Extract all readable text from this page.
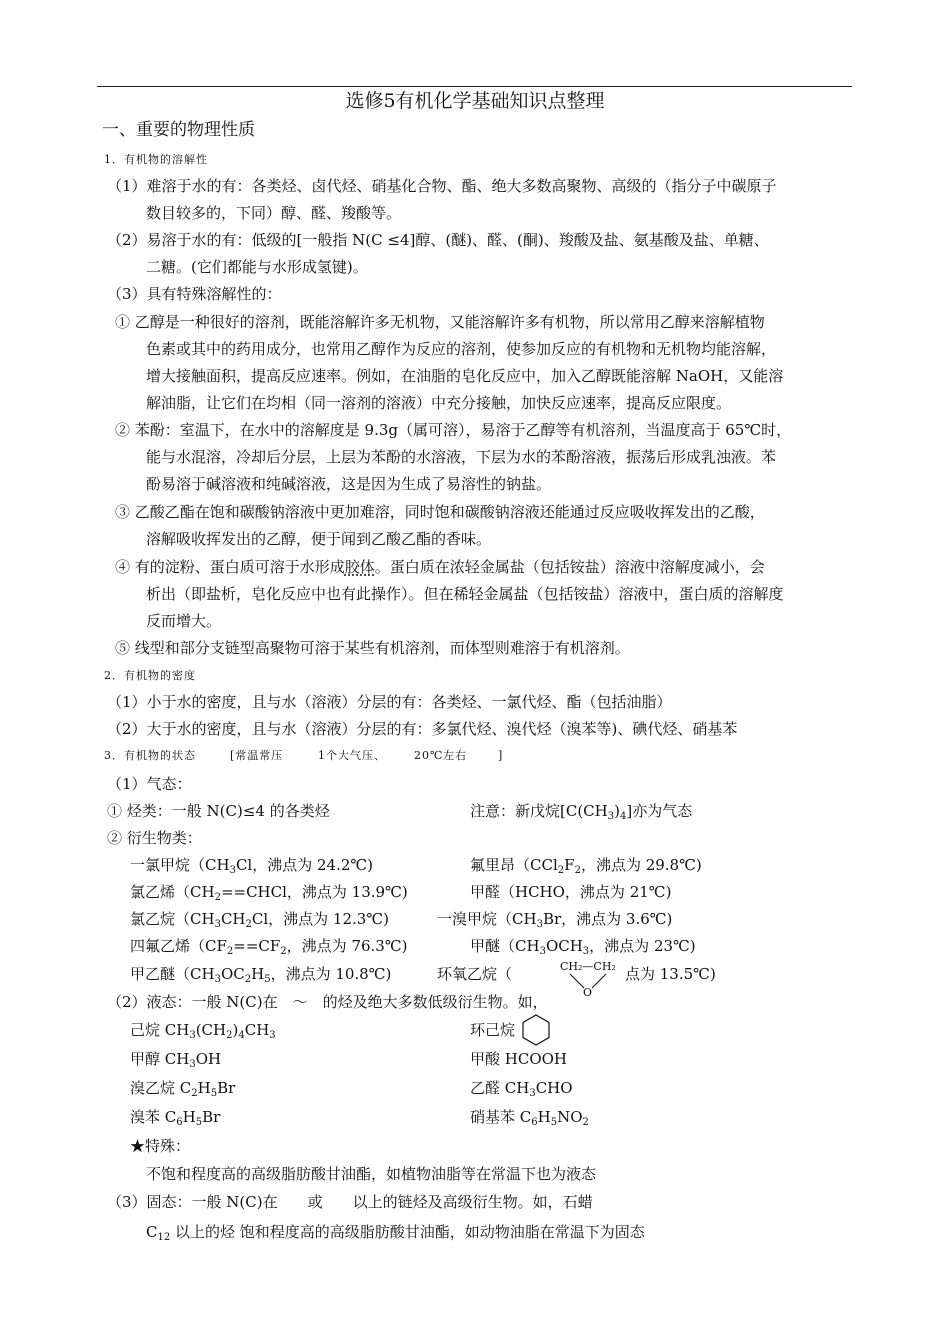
选修5有机化学基础知识点整理
一、重要的物理性质
1．有机物的溶解性
（1）难溶于水的有：各类烃、卤代烃、硝基化合物、酯、绝大多数高聚物、高级的（指分子中碳原子
数目较多的，下同）醇、醛、羧酸等。
（2）易溶于水的有：低级的[一般指 N(C ≤4]醇、(醚)、醛、(酮)、羧酸及盐、氨基酸及盐、单糖、
二糖。(它们都能与水形成氢键)。
（3）具有特殊溶解性的：
① 乙醇是一种很好的溶剂，既能溶解许多无机物，又能溶解许多有机物，所以常用乙醇来溶解植物
色素或其中的药用成分，也常用乙醇作为反应的溶剂，使参加反应的有机物和无机物均能溶解，
增大接触面积，提高反应速率。例如，在油脂的皂化反应中，加入乙醇既能溶解 NaOH，又能溶
解油脂，让它们在均相（同一溶剂的溶液）中充分接触，加快反应速率，提高反应限度。
② 苯酚：室温下，在水中的溶解度是 9.3g（属可溶），易溶于乙醇等有机溶剂，当温度高于 65℃时，
能与水混溶，冷却后分层，上层为苯酚的水溶液，下层为水的苯酚溶液，振荡后形成乳浊液。苯
酚易溶于碱溶液和纯碱溶液，这是因为生成了易溶性的钠盐。
③ 乙酸乙酯在饱和碳酸钠溶液中更加难溶，同时饱和碳酸钠溶液还能通过反应吸收挥发出的乙酸，
溶解吸收挥发出的乙醇，便于闻到乙酸乙酯的香味。
④ 有的淀粉、蛋白质可溶于水形成胶体。蛋白质在浓轻金属盐（包括铵盐）溶液中溶解度减小，会
析出（即盐析，皂化反应中也有此操作）。但在稀轻金属盐（包括铵盐）溶液中，蛋白质的溶解度
反而增大。
⑤ 线型和部分支链型高聚物可溶于某些有机溶剂，而体型则难溶于有机溶剂。
2．有机物的密度
（1）小于水的密度，且与水（溶液）分层的有：各类烃、一氯代烃、酯（包括油脂）
（2）大于水的密度，且与水（溶液）分层的有：多氯代烃、溴代烃（溴苯等)、碘代烃、硝基苯
3．有机物的状态	[常温常压	1个大气压、	20℃左右	]
（1）气态：
① 烃类：一般 N(C)≤4 的各类烃	注意：新戊烷$[C(CH_3)_4]$亦为气态
② 衍生物类：
一氯甲烷（$CH_3Cl$，沸点为 24.2℃)	氟里昂（$CCl_2F_2$，沸点为 29.8℃)
氯乙烯（$CH_2==CHCl$，沸点为 13.9℃)	甲醛（HCHO，沸点为 21℃)
氯乙烷（$CH_3CH_2Cl$，沸点为 12.3℃)	一溴甲烷（$CH_3Br$，沸点为 3.6℃)
四氟乙烯（$CF_2==CF_2$，沸点为 76.3℃)	甲醚（$CH_3OCH_3$，沸点为 23℃)
甲乙醚（$CH_3OC_2H_5$，沸点为 10.8℃)	环氧乙烷（	CH₂—CH₂
O
点为 13.5℃)
（2）液态：一般 N(C)在　～　的烃及绝大多数低级衍生物。如，
己烷 $CH_3(CH_2)_4CH_3$	环己烷
甲醇 $CH_3OH$	甲酸 HCOOH
溴乙烷 $C_2H_5Br$	乙醛 $CH_3CHO$
溴苯 $C_6H_5Br$	硝基苯 $C_6H_5NO_2$
★特殊：
不饱和程度高的高级脂肪酸甘油酯，如植物油脂等在常温下也为液态
（3）固态：一般 N(C)在　　或　　以上的链烃及高级衍生物。如，石蜡
$C_{12}$ 以上的烃 饱和程度高的高级脂肪酸甘油酯，如动物油脂在常温下为固态
